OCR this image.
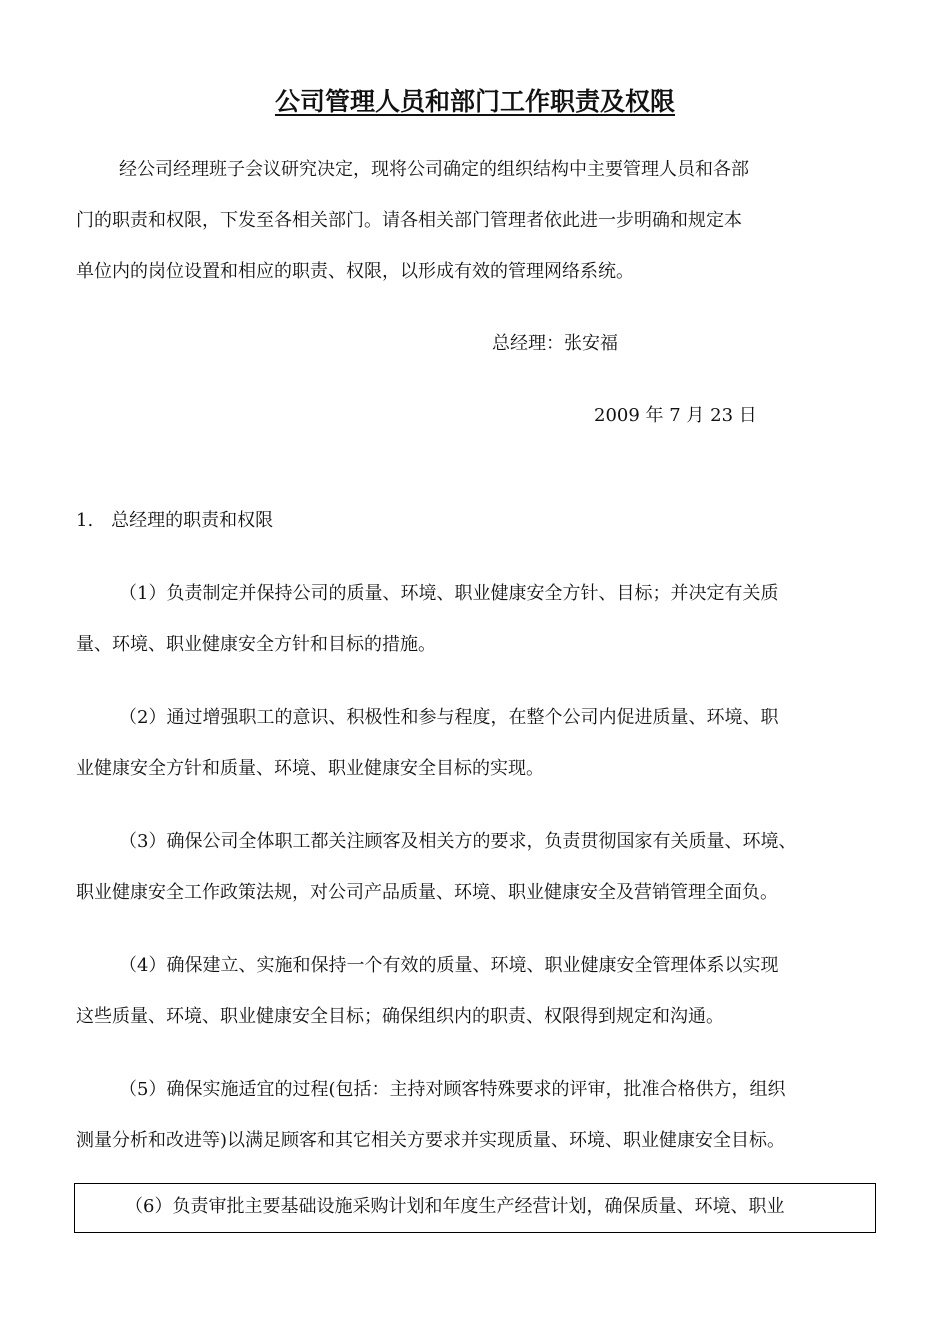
公司管理人员和部门工作职责及权限
经公司经理班子会议研究决定，现将公司确定的组织结构中主要管理人员和各部
门的职责和权限，下发至各相关部门。请各相关部门管理者依此进一步明确和规定本
单位内的岗位设置和相应的职责、权限，以形成有效的管理网络系统。
总经理：张安福
2009 年 7 月 23 日
1.　总经理的职责和权限
（1）负责制定并保持公司的质量、环境、职业健康安全方针、目标；并决定有关质
量、环境、职业健康安全方针和目标的措施。
（2）通过增强职工的意识、积极性和参与程度，在整个公司内促进质量、环境、职
业健康安全方针和质量、环境、职业健康安全目标的实现。
（3）确保公司全体职工都关注顾客及相关方的要求，负责贯彻国家有关质量、环境、
职业健康安全工作政策法规，对公司产品质量、环境、职业健康安全及营销管理全面负。
（4）确保建立、实施和保持一个有效的质量、环境、职业健康安全管理体系以实现
这些质量、环境、职业健康安全目标；确保组织内的职责、权限得到规定和沟通。
（5）确保实施适宜的过程(包括：主持对顾客特殊要求的评审，批准合格供方，组织
测量分析和改进等)以满足顾客和其它相关方要求并实现质量、环境、职业健康安全目标。
（6）负责审批主要基础设施采购计划和年度生产经营计划，确保质量、环境、职业
